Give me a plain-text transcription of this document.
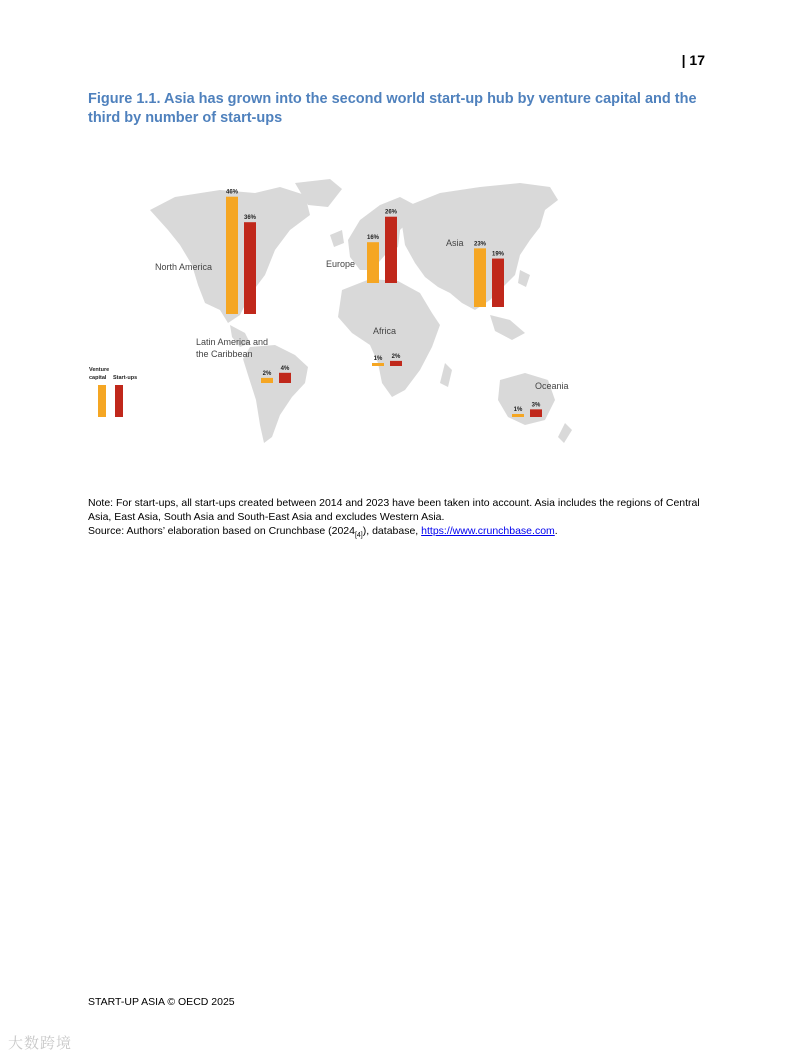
| 17
Figure 1.1. Asia has grown into the second world start-up hub by venture capital and the third by number of start-ups
46%
36%
North America
16%
26%
Europe
23%
19%
Asia
2%
4%
Latin America and the Caribbean	1% 2%
Africa
1%
3%
Oceania
Venture capital	Start-ups

Note: For start-ups, all start-ups created between 2014 and 2023 have been taken into account. Asia includes the regions of Central Asia, East Asia, South Asia and South-East Asia and excludes Western Asia.

Source: Authors’ elaboration based on Crunchbase $(2024_{[4]})$, database, https://www.crunchbase.com.

START-UP ASIA © OECD 2025
大数跨境
